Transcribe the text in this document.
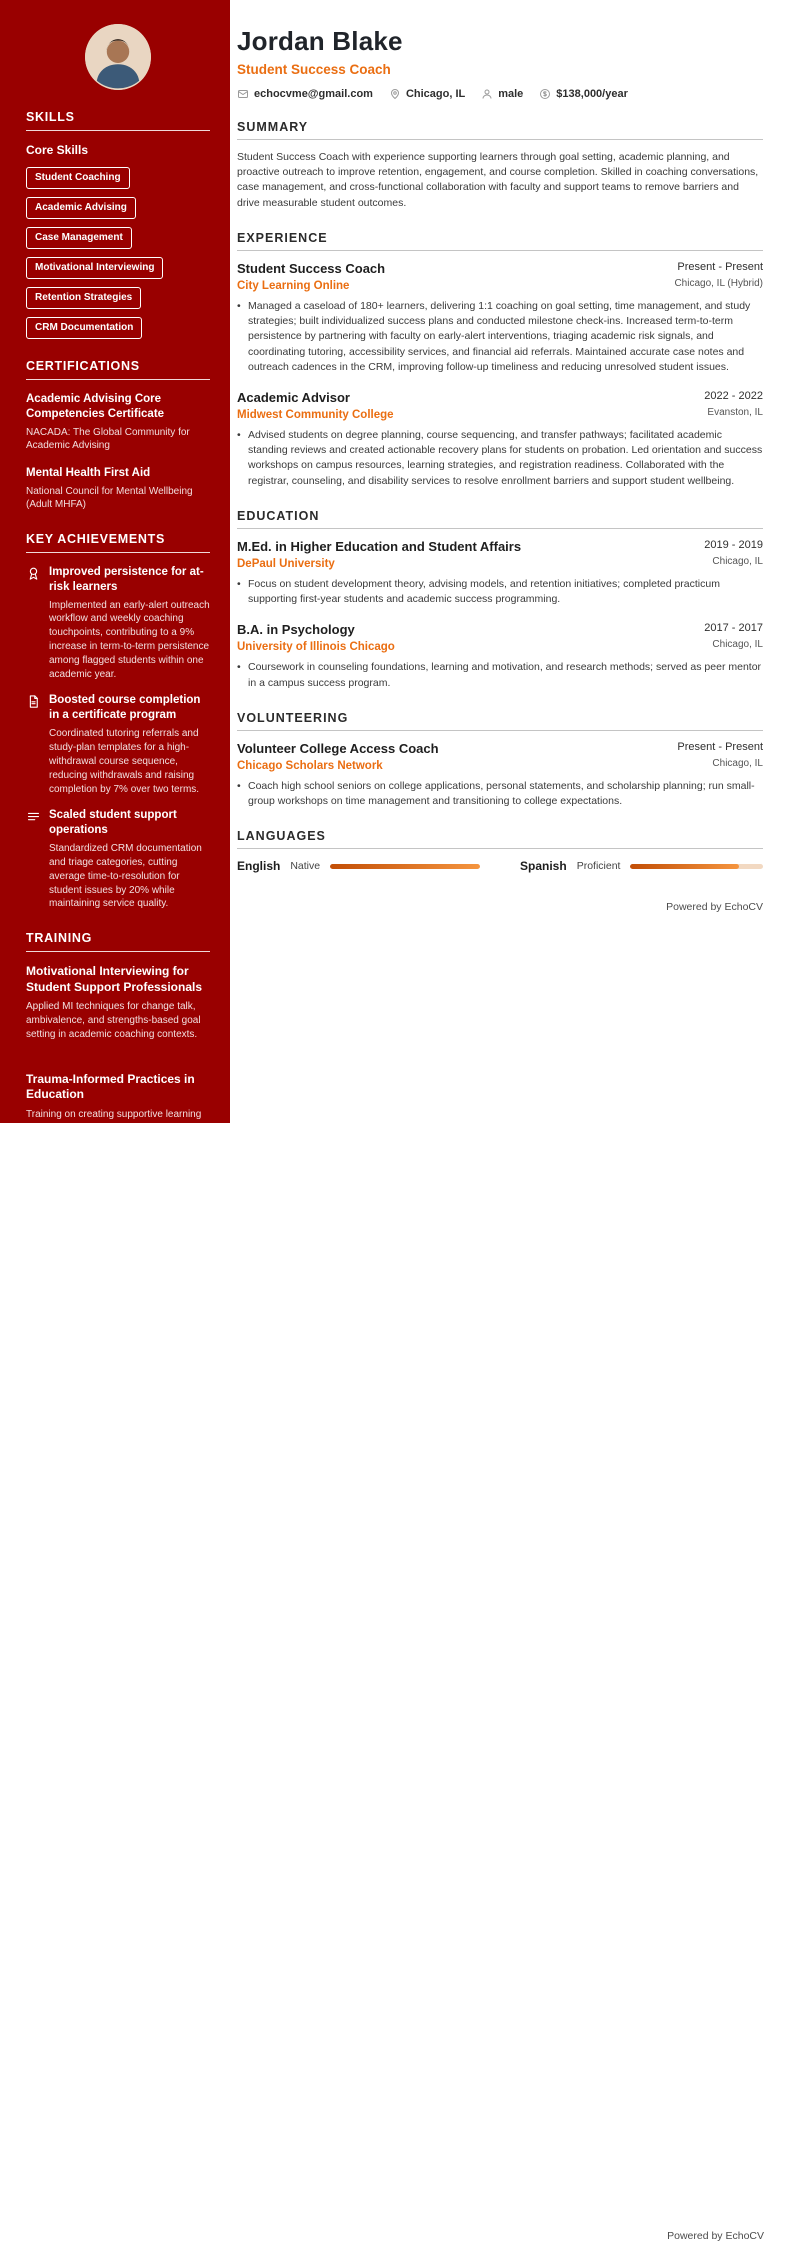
SKILLS
Core Skills
Student Coaching
Academic Advising
Case Management
Motivational Interviewing
Retention Strategies
CRM Documentation
CERTIFICATIONS
Academic Advising Core Competencies Certificate
NACADA: The Global Community for Academic Advising
Mental Health First Aid
National Council for Mental Wellbeing (Adult MHFA)
KEY ACHIEVEMENTS
Improved persistence for at-risk learners
Implemented an early-alert outreach workflow and weekly coaching touchpoints, contributing to a 9% increase in term-to-term persistence among flagged students within one academic year.
Boosted course completion in a certificate program
Coordinated tutoring referrals and study-plan templates for a high-withdrawal course sequence, reducing withdrawals and raising completion by 7% over two terms.
Scaled student support operations
Standardized CRM documentation and triage categories, cutting average time-to-resolution for student issues by 20% while maintaining service quality.
TRAINING
Motivational Interviewing for Student Support Professionals
Applied MI techniques for change talk, ambivalence, and strengths-based goal setting in academic coaching contexts.
Trauma-Informed Practices in Education
Training on creating supportive learning environments, de-escalation, and referral pathways while maintaining boundaries and confidentiality.
Jordan Blake
Student Success Coach
echocvme@gmail.com	Chicago, IL	male	$138,000/year
SUMMARY

Student Success Coach with experience supporting learners through goal setting, academic planning, and proactive outreach to improve retention, engagement, and course completion. Skilled in coaching conversations, case management, and cross-functional collaboration with faculty and support teams to remove barriers and drive measurable student outcomes.

EXPERIENCE
Student Success Coach
City Learning Online
Present - Present
Chicago, IL (Hybrid)
• Managed a caseload of 180+ learners, delivering 1:1 coaching on goal setting, time management, and study strategies; built individualized success plans and conducted milestone check-ins. Increased term-to-term persistence by partnering with faculty on early-alert interventions, triaging academic risk signals, and coordinating tutoring, accessibility services, and financial aid referrals. Maintained accurate case notes and outreach cadences in the CRM, improving follow-up timeliness and reducing unresolved student issues.
Academic Advisor
Midwest Community College
2022 - 2022
Evanston, IL
• Advised students on degree planning, course sequencing, and transfer pathways; facilitated academic standing reviews and created actionable recovery plans for students on probation. Led orientation and success workshops on campus resources, learning strategies, and registration readiness. Collaborated with the registrar, counseling, and disability services to resolve enrollment barriers and support student wellbeing.
EDUCATION
M.Ed. in Higher Education and Student Affairs
DePaul University
2019 - 2019
Chicago, IL
• Focus on student development theory, advising models, and retention initiatives; completed practicum supporting first-year students and academic success programming.
B.A. in Psychology
University of Illinois Chicago
2017 - 2017
Chicago, IL
• Coursework in counseling foundations, learning and motivation, and research methods; served as peer mentor in a campus success program.
VOLUNTEERING
Volunteer College Access Coach
Chicago Scholars Network
Present - Present
Chicago, IL
• Coach high school seniors on college applications, personal statements, and scholarship planning; run small-group workshops on time management and transitioning to college expectations.
LANGUAGES
English Native	Spanish Proficient
Powered by EchoCV
Powered by EchoCV
